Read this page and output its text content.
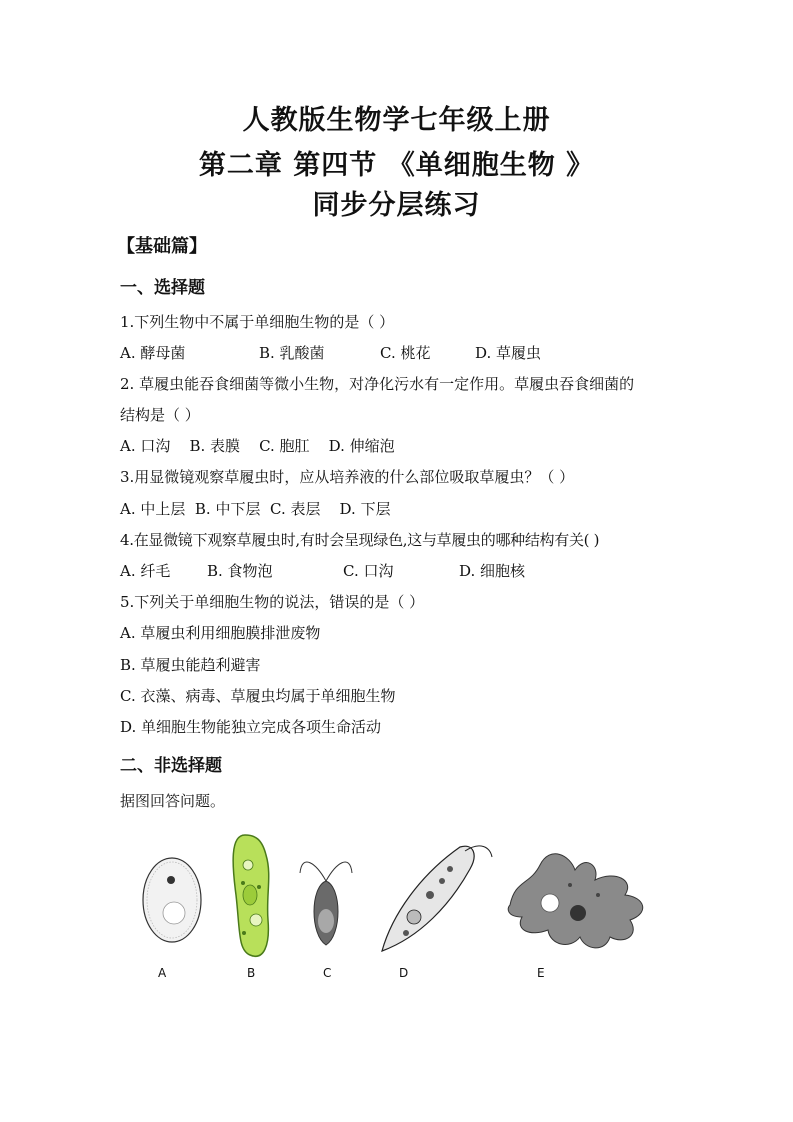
人教版生物学七年级上册
第二章 第四节 《单细胞生物 》
同步分层练习
【基础篇】
一、选择题
1.下列生物中不属于单细胞生物的是（ ）
A. 酵母菌	B. 乳酸菌	C. 桃花	D. 草履虫
2. 草履虫能吞食细菌等微小生物，对净化污水有一定作用。草履虫吞食细菌的
结构是（ ）
A. 口沟    B. 表膜    C. 胞肛    D. 伸缩泡
3.用显微镜观察草履虫时，应从培养液的什么部位吸取草履虫？（ ）
A. 中上层  B. 中下层  C. 表层    D. 下层
4.在显微镜下观察草履虫时,有时会呈现绿色,这与草履虫的哪种结构有关( )
A. 纤毛 B. 食物泡	C. 口沟	D. 细胞核
5.下列关于单细胞生物的说法，错误的是（ ）
A. 草履虫利用细胞膜排泄废物
B. 草履虫能趋利避害
C. 衣藻、病毒、草履虫均属于单细胞生物
D. 单细胞生物能独立完成各项生命活动
二、非选择题
据图回答问题。
A	B	C	D	E
